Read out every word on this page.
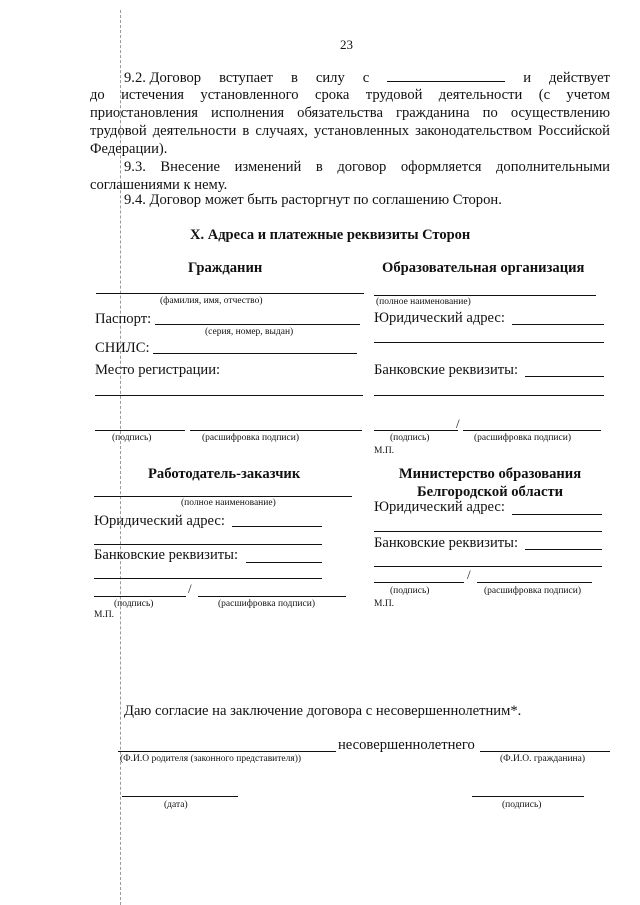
23
9.2. Договор вступает в силу с	и действует
до истечения установленного срока трудовой деятельности (с учетом приостановления исполнения обязательства гражданина по осуществлению трудовой деятельности в случаях, установленных законодательством Российской Федерации).
9.3. Внесение изменений в договор оформляется дополнительными соглашениями к нему.
9.4. Договор может быть расторгнут по соглашению Сторон.
X. Адреса и платежные реквизиты Сторон
Гражданин
(фамилия, имя, отчество)
Паспорт:
(серия, номер, выдан)
СНИЛС:
Место регистрации:
(подпись)	(расшифровка подписи)
Образовательная организация
(полное наименование)
Юридический адрес:
Банковские реквизиты:
/
(подпись)	(расшифровка подписи)
М.П.
Работодатель-заказчик
(полное наименование)
Юридический адрес:
Банковские реквизиты:
/
(подпись)	(расшифровка подписи)
М.П.
Министерство образования
Белгородской области
Юридический адрес:
Банковские реквизиты:
/
(подпись)	(расшифровка подписи)
М.П.
Даю согласие на заключение договора с несовершеннолетним*.
несовершеннолетнего
(Ф.И.О родителя (законного представителя))	(Ф.И.О. гражданина)
(дата)	(подпись)
